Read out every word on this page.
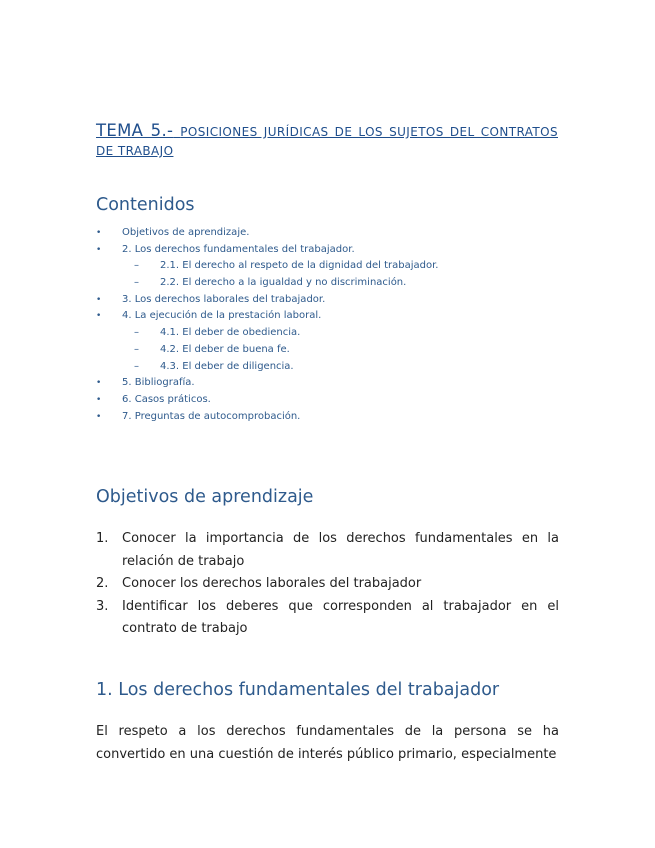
TEMA 5.- POSICIONES JURÍDICAS DE LOS SUJETOS DEL CONTRATOS DE TRABAJO

Contenidos
•	Objetivos de aprendizaje.
•	2. Los derechos fundamentales del trabajador.
– 2.1. El derecho al respeto de la dignidad del trabajador.
– 2.2. El derecho a la igualdad y no discriminación.
•	3. Los derechos laborales del trabajador.
•	4. La ejecución de la prestación laboral.
– 4.1. El deber de obediencia.
– 4.2. El deber de buena fe.
– 4.3. El deber de diligencia.
•	5. Bibliografía.
•	6. Casos práticos.
•	7. Preguntas de autocomprobación.
Objetivos de aprendizaje
1. Conocer la importancia de los derechos fundamentales en la relación de trabajo
2. Conocer los derechos laborales del trabajador
3. Identificar los deberes que corresponden al trabajador en el contrato de trabajo
1. Los derechos fundamentales del trabajador

El respeto a los derechos fundamentales de la persona se ha convertido en una cuestión de interés público primario, especialmente
